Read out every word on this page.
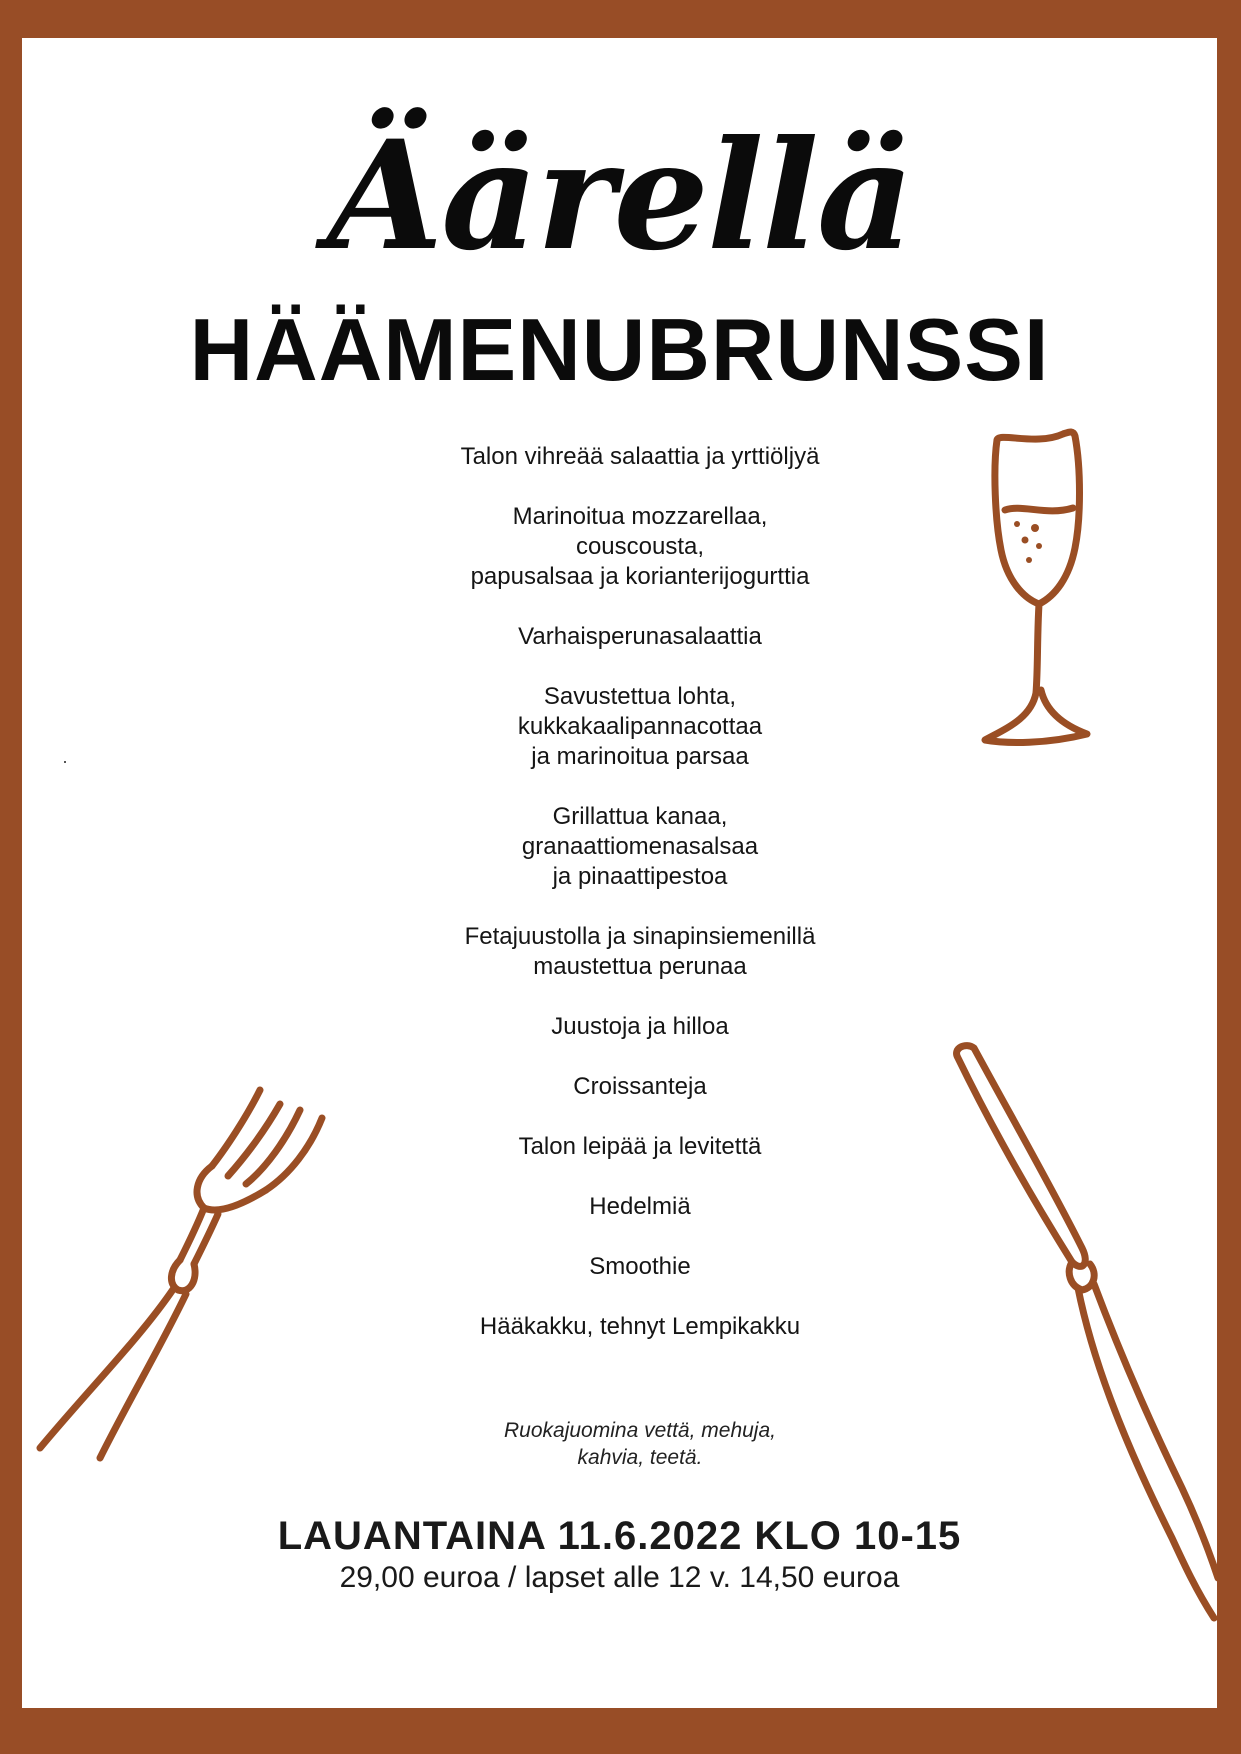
Äärellä
HÄÄMENUBRUNSSI
Talon vihreää salaattia ja yrttiöljyä
Marinoitua mozzarellaa,
couscousta,
papusalsaa ja korianterijogurttia
Varhaisperunasalaattia
Savustettua lohta,
kukkakaalipannacottaa
ja marinoitua parsaa
Grillattua kanaa,
granaattiomenasalsaa
ja pinaattipestoa
Fetajuustolla ja sinapinsiemenillä
maustettua perunaa
Juustoja ja hilloa
Croissanteja
Talon leipää ja levitettä
Hedelmiä
Smoothie
Hääkakku, tehnyt Lempikakku
Ruokajuomina vettä, mehuja,
kahvia, teetä.
LAUANTAINA 11.6.2022 KLO 10-15
29,00 euroa / lapset alle 12 v. 14,50 euroa
